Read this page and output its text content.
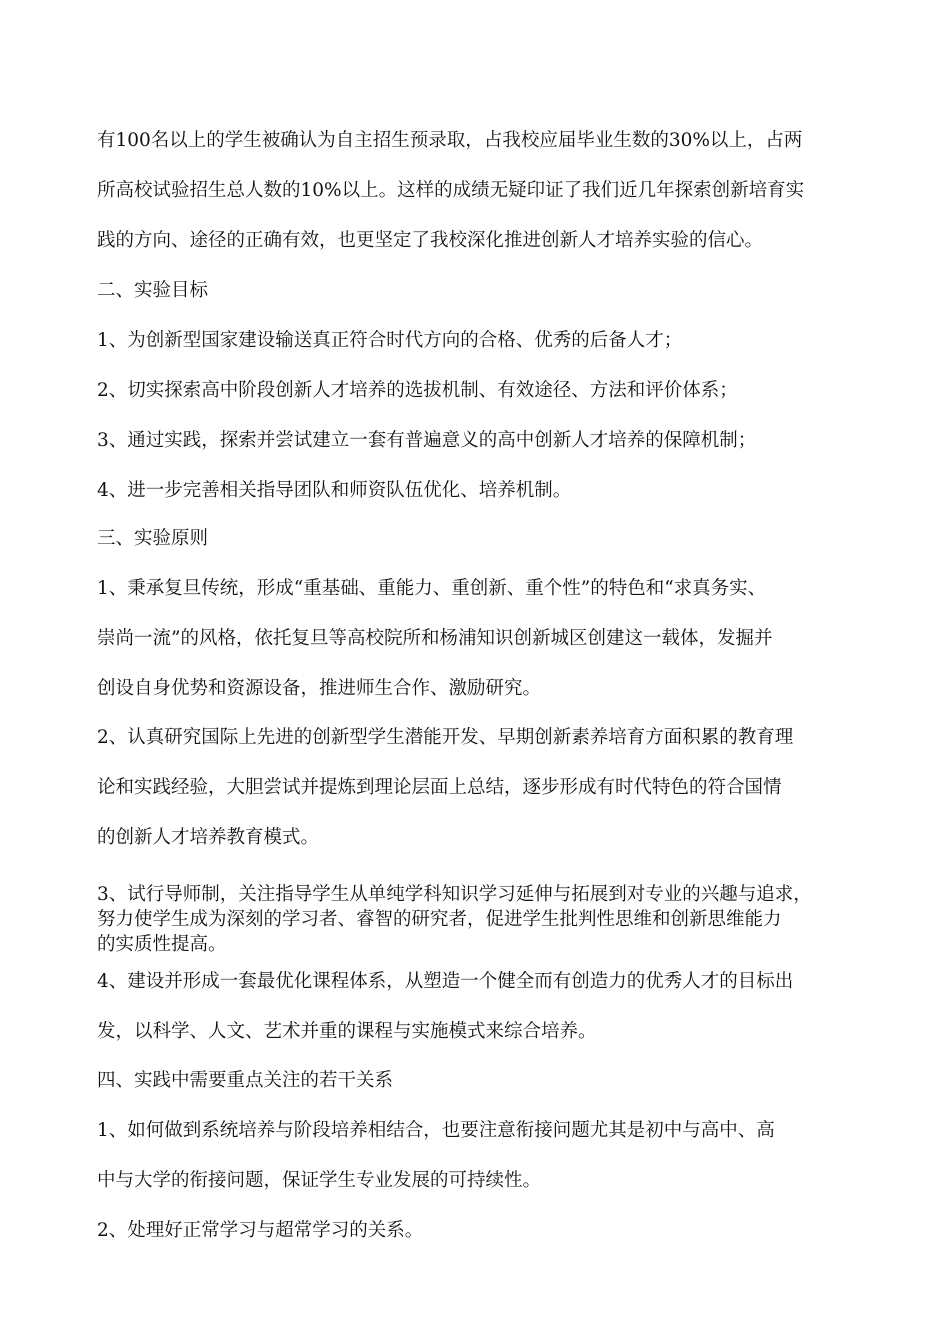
有100名以上的学生被确认为自主招生预录取，占我校应届毕业生数的30%以上，占两
所高校试验招生总人数的10%以上。这样的成绩无疑印证了我们近几年探索创新培育实
践的方向、途径的正确有效，也更坚定了我校深化推进创新人才培养实验的信心。
二、实验目标
1、为创新型国家建设输送真正符合时代方向的合格、优秀的后备人才；
2、切实探索高中阶段创新人才培养的选拔机制、有效途径、方法和评价体系；
3、通过实践，探索并尝试建立一套有普遍意义的高中创新人才培养的保障机制；
4、进一步完善相关指导团队和师资队伍优化、培养机制。
三、实验原则
1、秉承复旦传统，形成“重基础、重能力、重创新、重个性”的特色和“求真务实、
崇尚一流”的风格，依托复旦等高校院所和杨浦知识创新城区创建这一载体，发掘并
创设自身优势和资源设备，推进师生合作、激励研究。
2、认真研究国际上先进的创新型学生潜能开发、早期创新素养培育方面积累的教育理
论和实践经验，大胆尝试并提炼到理论层面上总结，逐步形成有时代特色的符合国情
的创新人才培养教育模式。
3、试行导师制，关注指导学生从单纯学科知识学习延伸与拓展到对专业的兴趣与追求，
努力使学生成为深刻的学习者、睿智的研究者，促进学生批判性思维和创新思维能力
的实质性提高。
4、建设并形成一套最优化课程体系，从塑造一个健全而有创造力的优秀人才的目标出
发，以科学、人文、艺术并重的课程与实施模式来综合培养。
四、实践中需要重点关注的若干关系
1、如何做到系统培养与阶段培养相结合，也要注意衔接问题尤其是初中与高中、高
中与大学的衔接问题，保证学生专业发展的可持续性。
2、处理好正常学习与超常学习的关系。
